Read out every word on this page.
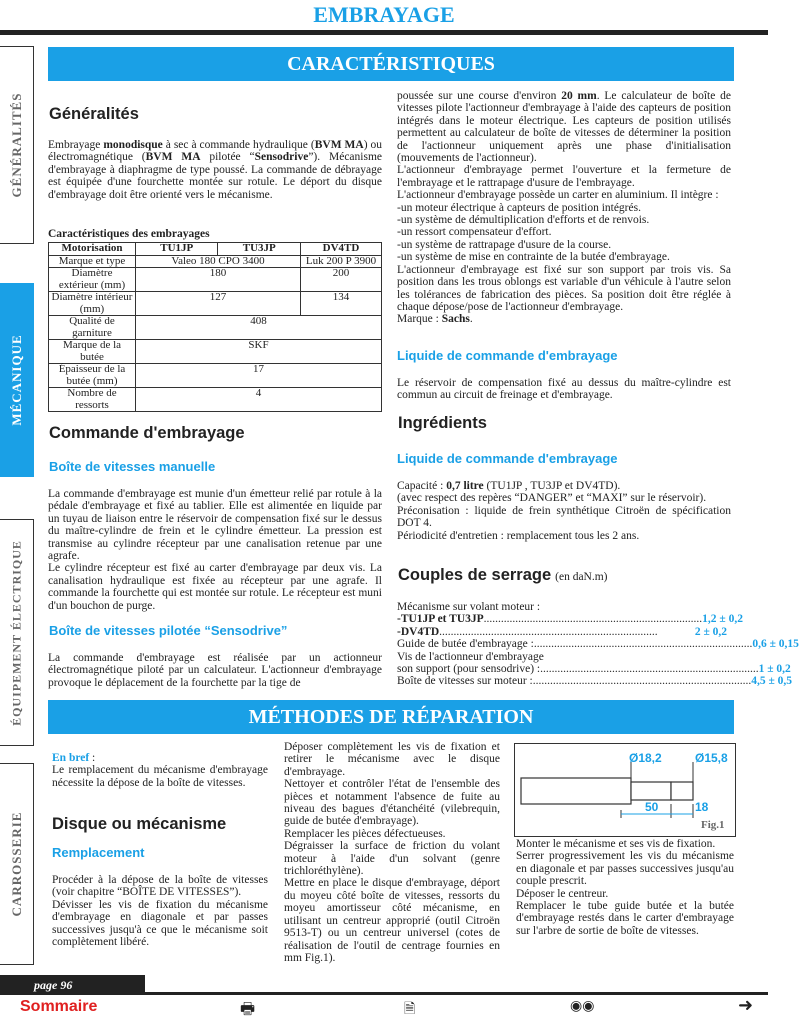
EMBRAYAGE
GÉNÉRALITÉS
MÉCANIQUE
ÉQUIPEMENT ÉLECTRIQUE
CARROSSERIE
CARACTÉRISTIQUES
Généralités
Embrayage monodisque à sec à commande hydraulique (BVM MA) ou électromagnétique (BVM MA pilotée “Sensodrive”). Mécanisme d'embrayage à diaphragme de type poussé. La commande de débrayage est équipée d'une fourchette montée sur rotule. Le déport du disque d'embrayage doit être orienté vers le mécanisme.
Caractéristiques des embrayages
Motorisation	TU1JP	TU3JP	DV4TD
Marque et type	Valeo 180 CPO 3400		Luk 200 P 3900
Diamètre extérieur (mm)	180		200
Diamètre intérieur (mm)	127		134
Qualité de garniture	408		
Marque de la butée	SKF		
Épaisseur de la butée (mm)	17		
Nombre de ressorts	4		
Commande d'embrayage
Boîte de vitesses manuelle
La commande d'embrayage est munie d'un émetteur relié par rotule à la pédale d'embrayage et fixé au tablier. Elle est alimentée en liquide par un tuyau de liaison entre le réservoir de compensation fixé sur le dessus du maître-cylindre de frein et le cylindre émetteur. La pression est transmise au cylindre récepteur par une canalisation retenue par une agrafe.
Le cylindre récepteur est fixé au carter d'embrayage par deux vis. La canalisation hydraulique est fixée au récepteur par une agrafe. Il commande la fourchette qui est montée sur rotule. Le récepteur est muni d'un bouchon de purge.
Boîte de vitesses pilotée “Sensodrive”
La commande d'embrayage est réalisée par un actionneur électromagnétique piloté par un calculateur. L'actionneur d'embrayage provoque le déplacement de la fourchette par la tige de
poussée sur une course d'environ 20 mm. Le calculateur de boîte de vitesses pilote l'actionneur d'embrayage à l'aide des capteurs de position intégrés dans le moteur électrique. Les capteurs de position utilisés permettent au calculateur de boîte de vitesses de déterminer la position de l'actionneur uniquement après une phase d'initialisation (mouvements de l'actionneur).
L'actionneur d'embrayage permet l'ouverture et la fermeture de l'embrayage et le rattrapage d'usure de l'embrayage.
L'actionneur d'embrayage possède un carter en aluminium. Il intègre :
-un moteur électrique à capteurs de position intégrés.
-un système de démultiplication d'efforts et de renvois.
-un ressort compensateur d'effort.
-un système de rattrapage d'usure de la course.
-un système de mise en contrainte de la butée d'embrayage.
L'actionneur d'embrayage est fixé sur son support par trois vis. Sa position dans les trous oblongs est variable d'un véhicule à l'autre selon les tolérances de fabrication des pièces. Sa position doit être réglée à chaque dépose/pose de l'actionneur d'embrayage.
Marque : Sachs.
Liquide de commande d'embrayage
Le réservoir de compensation fixé au dessus du maître-cylindre est commun au circuit de freinage et d'embrayage.
Ingrédients
Liquide de commande d'embrayage
Capacité : 0,7 litre (TU1JP , TU3JP et DV4TD).
(avec respect des repères “DANGER” et “MAXI” sur le réservoir).
Préconisation : liquide de frein synthétique Citroën de spécification DOT 4.
Périodicité d'entretien : remplacement tous les 2 ans.
Couples de serrage (en daN.m)
Mécanisme sur volant moteur :
-TU1JP et TU3JP ............................................................................ 1,2 ± 0,2
-DV4TD ............................................................................	2 ± 0,2
Guide de butée d'embrayage : ............................................................................ 0,6 ± 0,15
Vis de l'actionneur d'embrayage
son support (pour sensodrive) : ............................................................................ 1 ± 0,2
Boîte de vitesses sur moteur : ............................................................................ 4,5 ± 0,5
MÉTHODES DE RÉPARATION
En bref :
Le remplacement du mécanisme d'embrayage nécessite la dépose de la boîte de vitesses.
Disque ou mécanisme
Remplacement
Procéder à la dépose de la boîte de vitesses (voir chapitre “BOÎTE DE VITESSES”).
Dévisser les vis de fixation du mécanisme d'embrayage en diagonale et par passes successives jusqu'à ce que le mécanisme soit complètement libéré.
Déposer complètement les vis de fixation et retirer le mécanisme avec le disque d'embrayage.
Nettoyer et contrôler l'état de l'ensemble des pièces et notamment l'absence de fuite au niveau des bagues d'étanchéité (vilebrequin, guide de butée d'embrayage).
Remplacer les pièces défectueuses.
Dégraisser la surface de friction du volant moteur à l'aide d'un solvant (genre trichloréthylène).
Mettre en place le disque d'embrayage, déport du moyeu côté boîte de vitesses, ressorts du moyeu amortisseur côté mécanisme, en utilisant un centreur approprié (outil Citroën 9513-T) ou un centreur universel (cotes de réalisation de l'outil de centrage fournies en mm Fig.1).
Ø18,2	Ø15,8
50	18
Fig.1
Monter le mécanisme et ses vis de fixation.
Serrer progressivement les vis du mécanisme en diagonale et par passes successives jusqu'au couple prescrit.
Déposer le centreur.
Remplacer le tube guide butée et la butée d'embrayage restés dans le carter d'embrayage sur l'arbre de sortie de boîte de vitesses.
page 96
Sommaire	🖶	🗎	◉◉	➜
